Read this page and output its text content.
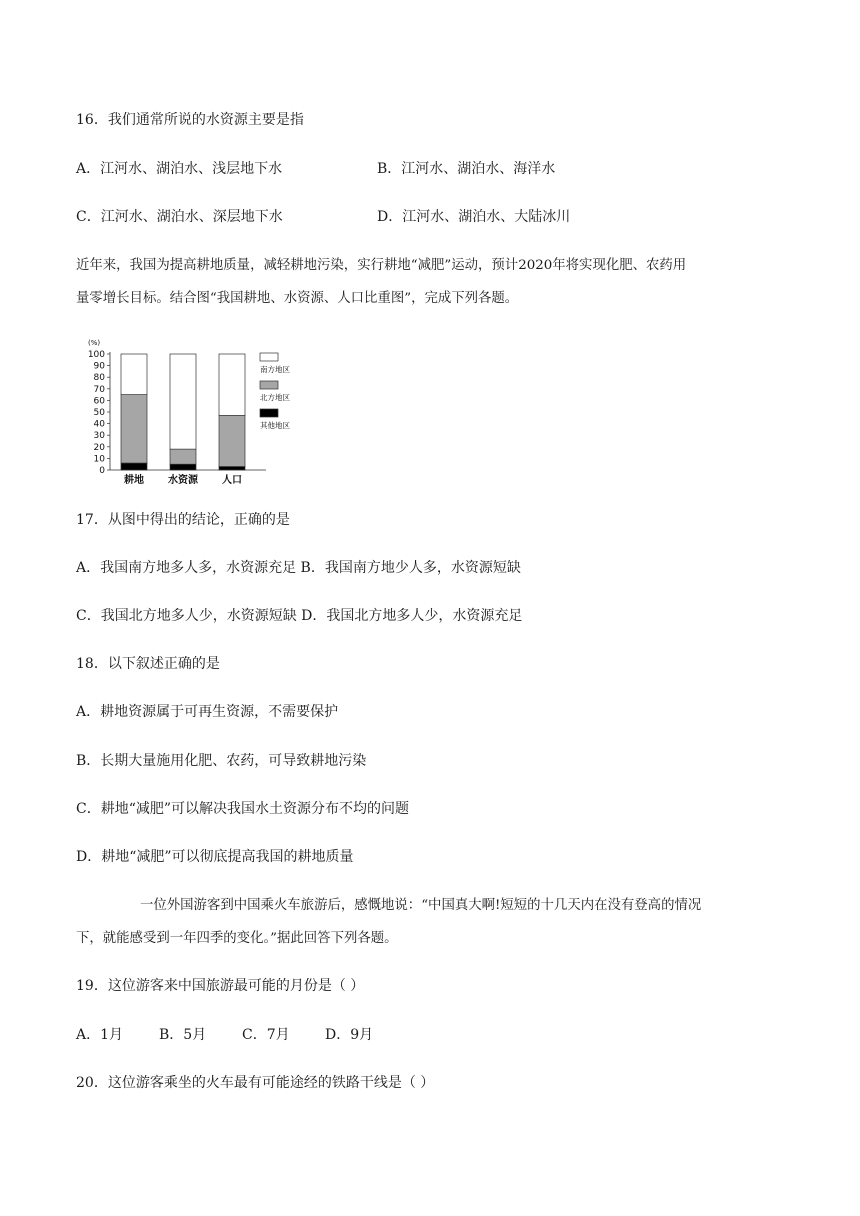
16．我们通常所说的水资源主要是指
A．江河水、湖泊水、浅层地下水	B．江河水、湖泊水、海洋水
C．江河水、湖泊水、深层地下水	D．江河水、湖泊水、大陆冰川
近年来，我国为提高耕地质量，减轻耕地污染，实行耕地“减肥”运动，预计2020年将实现化肥、农药用
量零增长目标。结合图“我国耕地、水资源、人口比重图”，完成下列各题。
(%)
0
10
20
30
40
50
60
70
80
90
100
耕地 水资源 人口
南方地区
北方地区
其他地区
17．从图中得出的结论，正确的是
A．我国南方地多人多，水资源充足 B．我国南方地少人多，水资源短缺
C．我国北方地多人少，水资源短缺 D．我国北方地多人少，水资源充足
18．以下叙述正确的是
A．耕地资源属于可再生资源，不需要保护
B．长期大量施用化肥、农药，可导致耕地污染
C．耕地“减肥”可以解决我国水土资源分布不均的问题
D．耕地“减肥”可以彻底提高我国的耕地质量
一位外国游客到中国乘火车旅游后，感慨地说：“中国真大啊!短短的十几天内在没有登高的情况
下，就能感受到一年四季的变化。”据此回答下列各题。
19．这位游客来中国旅游最可能的月份是（ ）
A．1月	B．5月	C．7月	D．9月
20．这位游客乘坐的火车最有可能途经的铁路干线是（ ）
